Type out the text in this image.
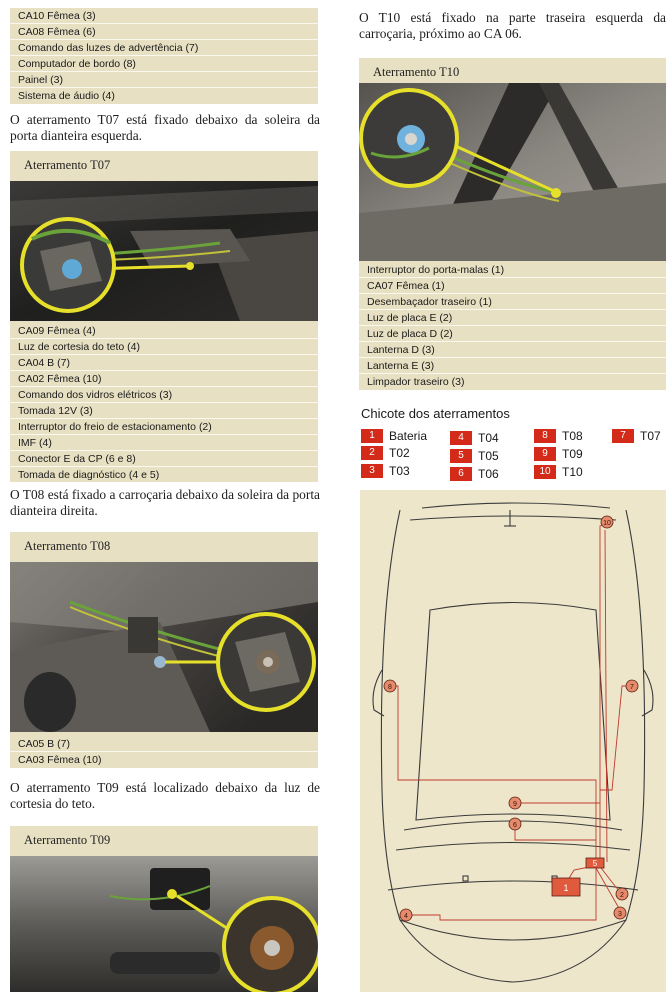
CA10 Fêmea (3)
CA08 Fêmea (6)
Comando das luzes de advertência (7)
Computador de bordo (8)
Painel (3)
Sistema de áudio (4)
O aterramento T07 está fixado debaixo da soleira da porta dianteira esquerda.
Aterramento T07
CA09 Fêmea (4)
Luz de cortesia do teto (4)
CA04 B (7)
CA02 Fêmea (10)
Comando dos vidros elétricos (3)
Tomada 12V (3)
Interruptor do freio de estacionamento (2)
IMF (4)
Conector E da CP (6 e 8)
Tomada de diagnóstico (4 e 5)
O T08 está fixado a carroçaria debaixo da soleira da porta dianteira direita.
Aterramento T08
CA05 B (7)
CA03 Fêmea (10)
O aterramento T09 está localizado debaixo da luz de cortesia do teto.
Aterramento T09
O T10 está fixado na parte traseira esquerda da carroçaria, próximo ao CA 06.
Aterramento T10
Interruptor do porta-malas (1)
CA07 Fêmea (1)
Desembaçador traseiro (1)
Luz de placa E (2)
Luz de placa D (2)
Lanterna D (3)
Lanterna E (3)
Limpador traseiro (3)
Chicote dos aterramentos
1	Bateria
2	T02
3	T03
4	T04
5	T05
6	T06
8	T08
9	T09
10 T10
7	T07
5
1
10
8	7
9
6
4
2
3
